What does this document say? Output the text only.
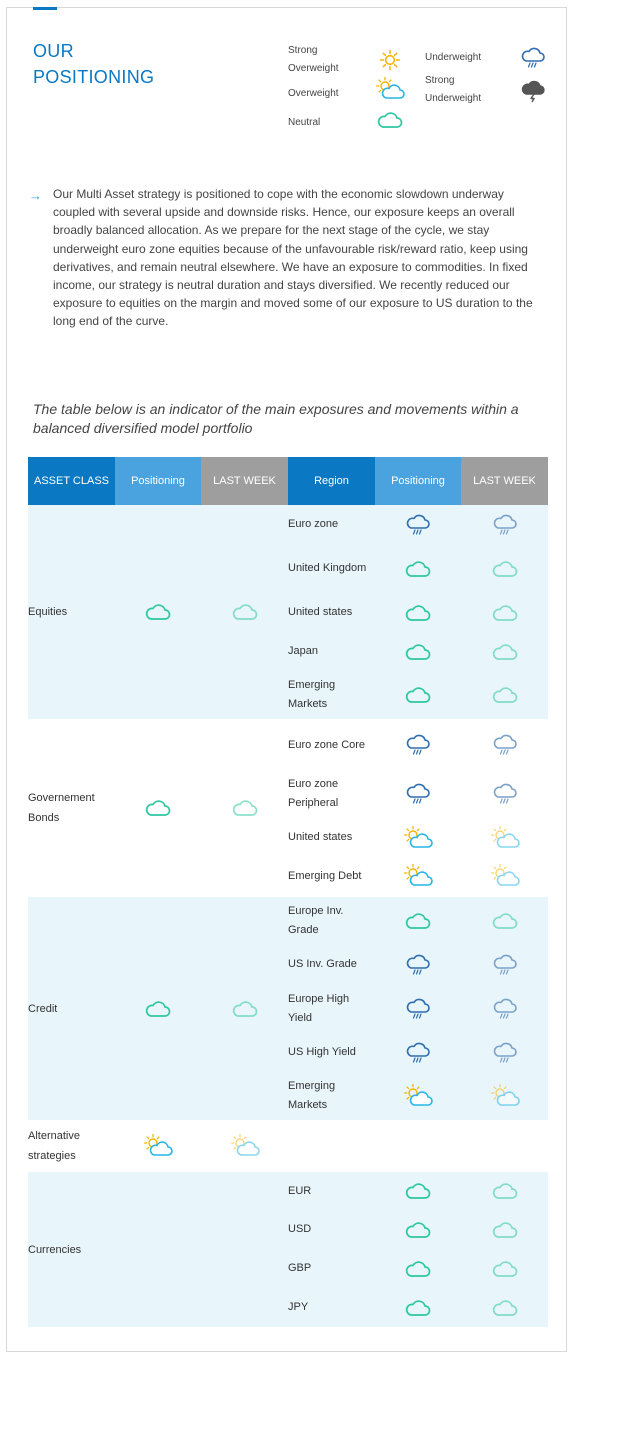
OUR
POSITIONING
Strong Overweight
Overweight
Neutral
Underweight
Strong Underweight
→ Our Multi Asset strategy is positioned to cope with the economic slowdown underway coupled with several upside and downside risks. Hence, our exposure keeps an overall broadly balanced allocation. As we prepare for the next stage of the cycle, we stay underweight euro zone equities because of the unfavourable risk/reward ratio, keep using derivatives, and remain neutral elsewhere. We have an exposure to commodities. In fixed income, our strategy is neutral duration and stays diversified. We recently reduced our exposure to equities on the margin and moved some of our exposure to US duration to the long end of the curve.
The table below is an indicator of the main exposures and movements within a balanced diversified model portfolio
ASSET CLASS	Positioning	LAST WEEK	Region	Positioning	LAST WEEK
Equities			Euro zone	

			United Kingdom	

			United states	

			Japan	

			Emerging Markets	

Governement Bonds			Euro zone Core	

			Euro zone Peripheral	

			United states	

			Emerging Debt	

Credit			Europe Inv. Grade	

			US Inv. Grade	

			Europe High Yield	

			US High Yield	

			Emerging Markets	

Alternative strategies	

Currencies			EUR	

			USD	

			GBP	

			JPY	
